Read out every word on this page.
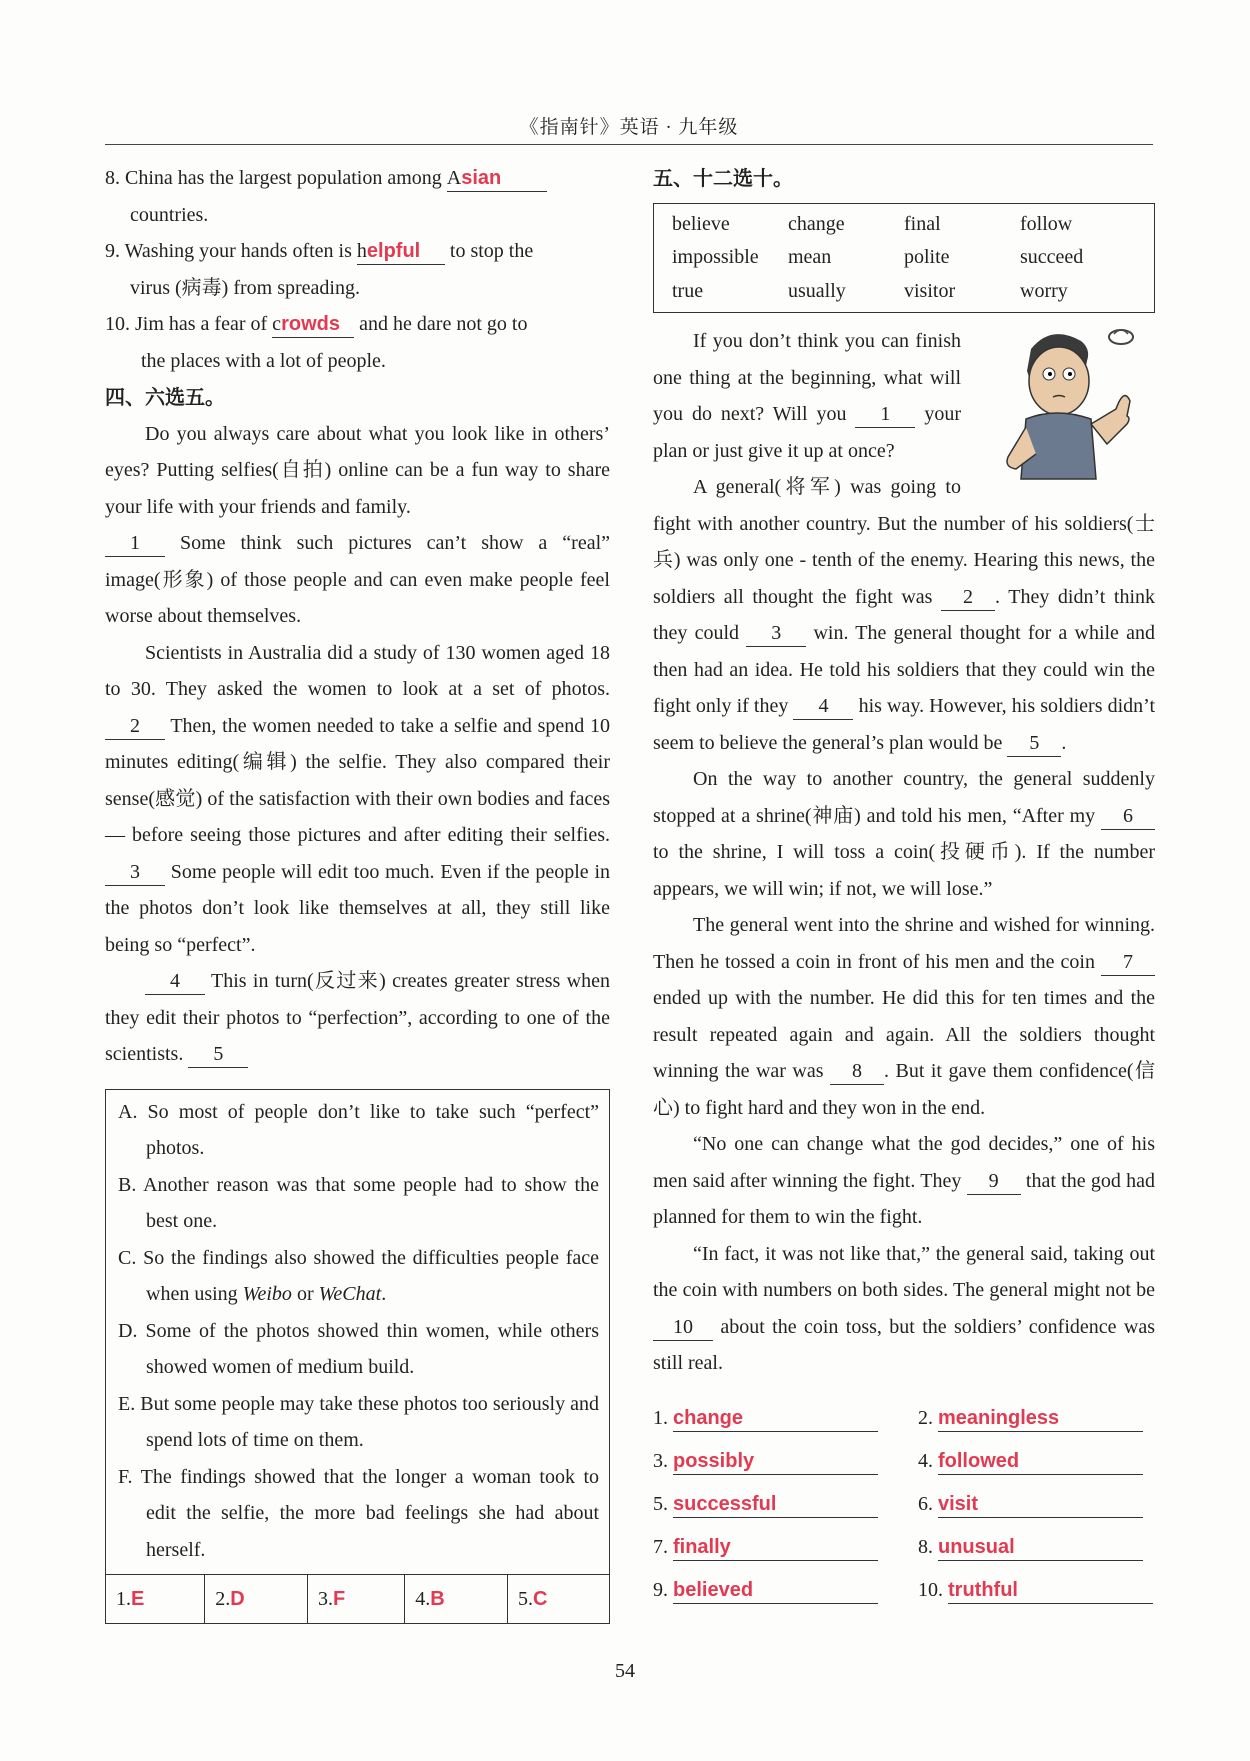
《指南针》英语 · 九年级

8. China has the largest population among Asian
countries.

9. Washing your hands often is helpful to stop the
virus (病毒) from spreading.

10. Jim has a fear of crowds and he dare not go to
the places with a lot of people.

四、六选五。

Do you always care about what you look like in others’ eyes? Putting selfies(自拍) online can be a fun way to share your life with your friends and family.
1 Some think such pictures can’t show a “real” image(形象) of those people and can even make people feel worse about themselves.

Scientists in Australia did a study of 130 women aged 18 to 30. They asked the women to look at a set of photos. 2 Then, the women needed to take a selfie and spend 10 minutes editing(编辑) the selfie. They also compared their sense(感觉) of the satisfaction with their own bodies and faces — before seeing those pictures and after editing their selfies. 3 Some people will edit too much. Even if the people in the photos don’t look like themselves at all, they still like being so “perfect”.

4 This in turn(反过来) creates greater stress when they edit their photos to “perfection”, according to one of the scientists. 5

A. So most of people don’t like to take such “perfect” photos.

B. Another reason was that some people had to show the best one.

C. So the findings also showed the difficulties people face when using Weibo or WeChat.

D. Some of the photos showed thin women, while others showed women of medium build.

E. But some people may take these photos too seriously and spend lots of time on them.

F. The findings showed that the longer a woman took to edit the selfie, the more bad feelings she had about herself.

1.E	2.D	3.F	4.B	5.C

五、十二选十。

believe	change	final	follow
impossible	mean	polite	succeed
true	usually	visitor	worry

If you don’t think you can finish one thing at the beginning, what will you do next? Will you 1 your plan or just give it up at once?

A general(将军) was going to fight with another country. But the number of his soldiers(士兵) was only one - tenth of the enemy. Hearing this news, the soldiers all thought the fight was 2 . They didn’t think they could 3 win. The general thought for a while and then had an idea. He told his soldiers that they could win the fight only if they 4 his way. However, his soldiers didn’t seem to believe the general’s plan would be 5 .

On the way to another country, the general suddenly stopped at a shrine(神庙) and told his men, “After my 6 to the shrine, I will toss a coin(投硬币). If the number appears, we will win; if not, we will lose.”

The general went into the shrine and wished for winning. Then he tossed a coin in front of his men and the coin 7 ended up with the number. He did this for ten times and the result repeated again and again. All the soldiers thought winning the war was 8 . But it gave them confidence(信心) to fight hard and they won in the end.

“No one can change what the god decides,” one of his men said after winning the fight. They 9 that the god had planned for them to win the fight.

“In fact, it was not like that,” the general said, taking out the coin with numbers on both sides. The general might not be 10 about the coin toss, but the soldiers’ confidence was still real.

1. change	2. meaningless
3. possibly	4. followed
5. successful	6. visit
7. finally	8. unusual
9. believed	10. truthful
54
